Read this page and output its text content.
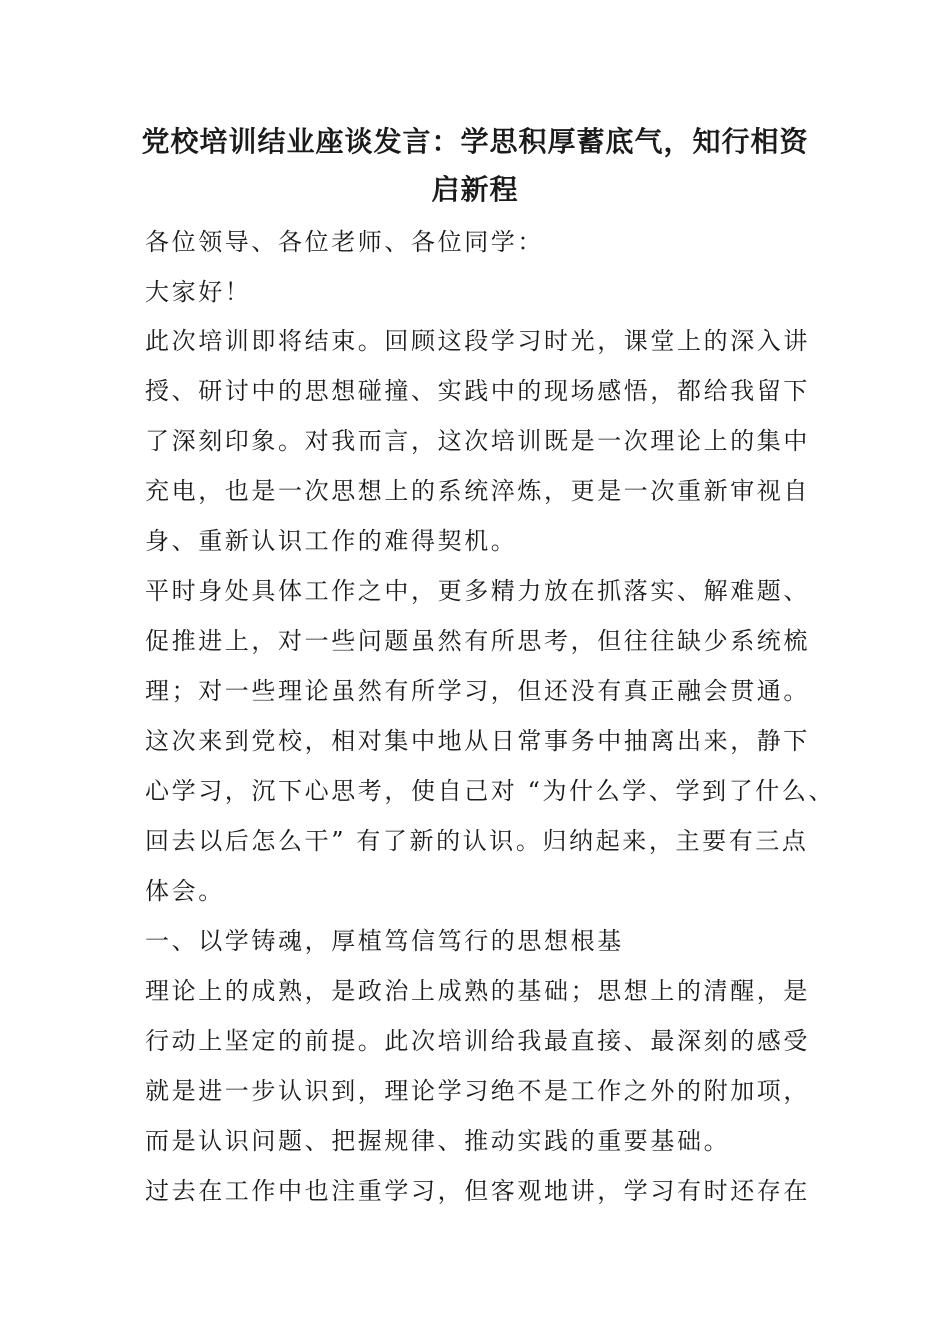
党校培训结业座谈发言：学思积厚蓄底气，知行相资
启新程

各位领导、各位老师、各位同学：

大家好！

此次培训即将结束。回顾这段学习时光，课堂上的深入讲

授、研讨中的思想碰撞、实践中的现场感悟，都给我留下

了深刻印象。对我而言，这次培训既是一次理论上的集中

充电，也是一次思想上的系统淬炼，更是一次重新审视自

身、重新认识工作的难得契机。

平时身处具体工作之中，更多精力放在抓落实、解难题、

促推进上，对一些问题虽然有所思考，但往往缺少系统梳

理；对一些理论虽然有所学习，但还没有真正融会贯通。

这次来到党校，相对集中地从日常事务中抽离出来，静下

心学习，沉下心思考，使自己对 “为什么学、学到了什么、

回去以后怎么干” 有了新的认识。归纳起来，主要有三点

体会。

一、以学铸魂，厚植笃信笃行的思想根基

理论上的成熟，是政治上成熟的基础；思想上的清醒，是

行动上坚定的前提。此次培训给我最直接、最深刻的感受

就是进一步认识到，理论学习绝不是工作之外的附加项，

而是认识问题、把握规律、推动实践的重要基础。

过去在工作中也注重学习，但客观地讲，学习有时还存在
